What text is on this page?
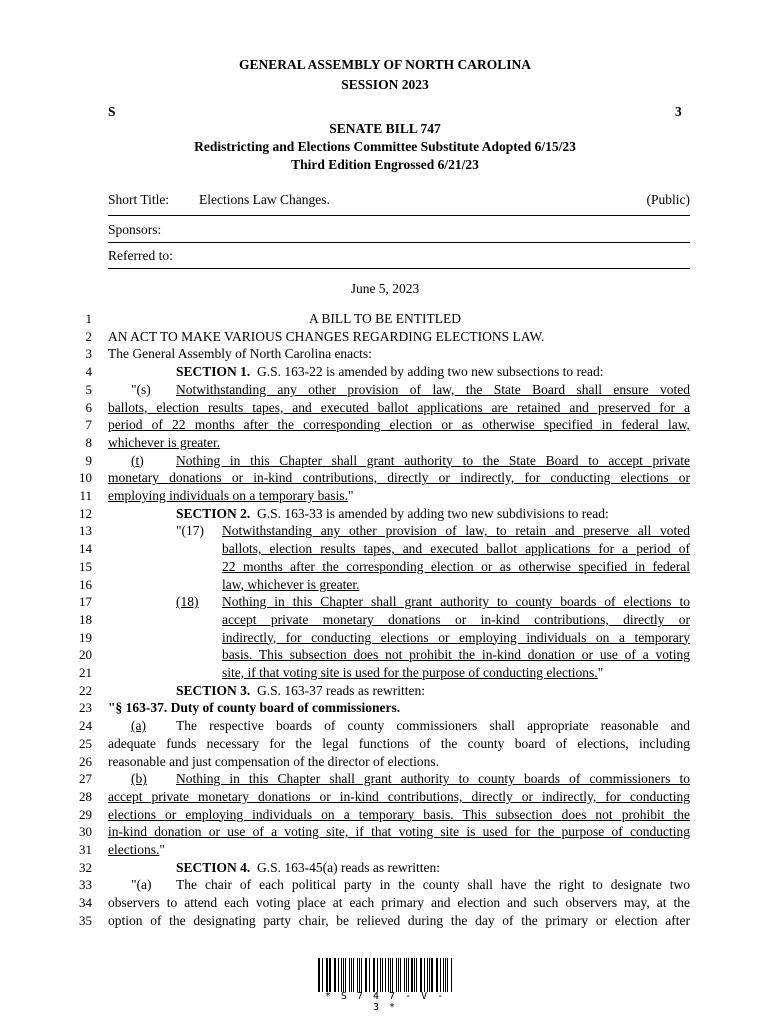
GENERAL ASSEMBLY OF NORTH CAROLINA
SESSION 2023
S	3
SENATE BILL 747
Redistricting and Elections Committee Substitute Adopted 6/15/23
Third Edition Engrossed 6/21/23
Short Title: Elections Law Changes.	(Public)
Sponsors:
Referred to:
June 5, 2023
1	A BILL TO BE ENTITLED
2 AN ACT TO MAKE VARIOUS CHANGES REGARDING ELECTIONS LAW.
3 The General Assembly of North Carolina enacts:
4	SECTION 1.  G.S. 163-22 is amended by adding two new subsections to read:
5	"(s) Notwithstanding any other provision of law, the State Board shall ensure voted
6 ballots, election results tapes, and executed ballot applications are retained and preserved for a
7 period of 22 months after the corresponding election or as otherwise specified in federal law,
8 whichever is greater.
9	(t) Nothing in this Chapter shall grant authority to the State Board to accept private
10 monetary donations or in-kind contributions, directly or indirectly, for conducting elections or
11 employing individuals on a temporary basis."
12	SECTION 2.  G.S. 163-33 is amended by adding two new subdivisions to read:
13	"(17) Notwithstanding any other provision of law, to retain and preserve all voted
14	ballots, election results tapes, and executed ballot applications for a period of
15	22 months after the corresponding election or as otherwise specified in federal
16	law, whichever is greater.
17	(18) Nothing in this Chapter shall grant authority to county boards of elections to
18	accept private monetary donations or in-kind contributions, directly or
19	indirectly, for conducting elections or employing individuals on a temporary
20	basis. This subsection does not prohibit the in-kind donation or use of a voting
21	site, if that voting site is used for the purpose of conducting elections."
22	SECTION 3.  G.S. 163-37 reads as rewritten:
23 "§ 163-37. Duty of county board of commissioners.
24	(a) The respective boards of county commissioners shall appropriate reasonable and
25 adequate funds necessary for the legal functions of the county board of elections, including
26 reasonable and just compensation of the director of elections.
27	(b) Nothing in this Chapter shall grant authority to county boards of commissioners to
28 accept private monetary donations or in-kind contributions, directly or indirectly, for conducting
29 elections or employing individuals on a temporary basis. This subsection does not prohibit the
30 in-kind donation or use of a voting site, if that voting site is used for the purpose of conducting
31 elections."
32	SECTION 4.  G.S. 163-45(a) reads as rewritten:
33	"(a) The chair of each political party in the county shall have the right to designate two
34 observers to attend each voting place at each primary and election and such observers may, at the
35 option of the designating party chair, be relieved during the day of the primary or election after
* S 7 4 7 - V - 3 *
